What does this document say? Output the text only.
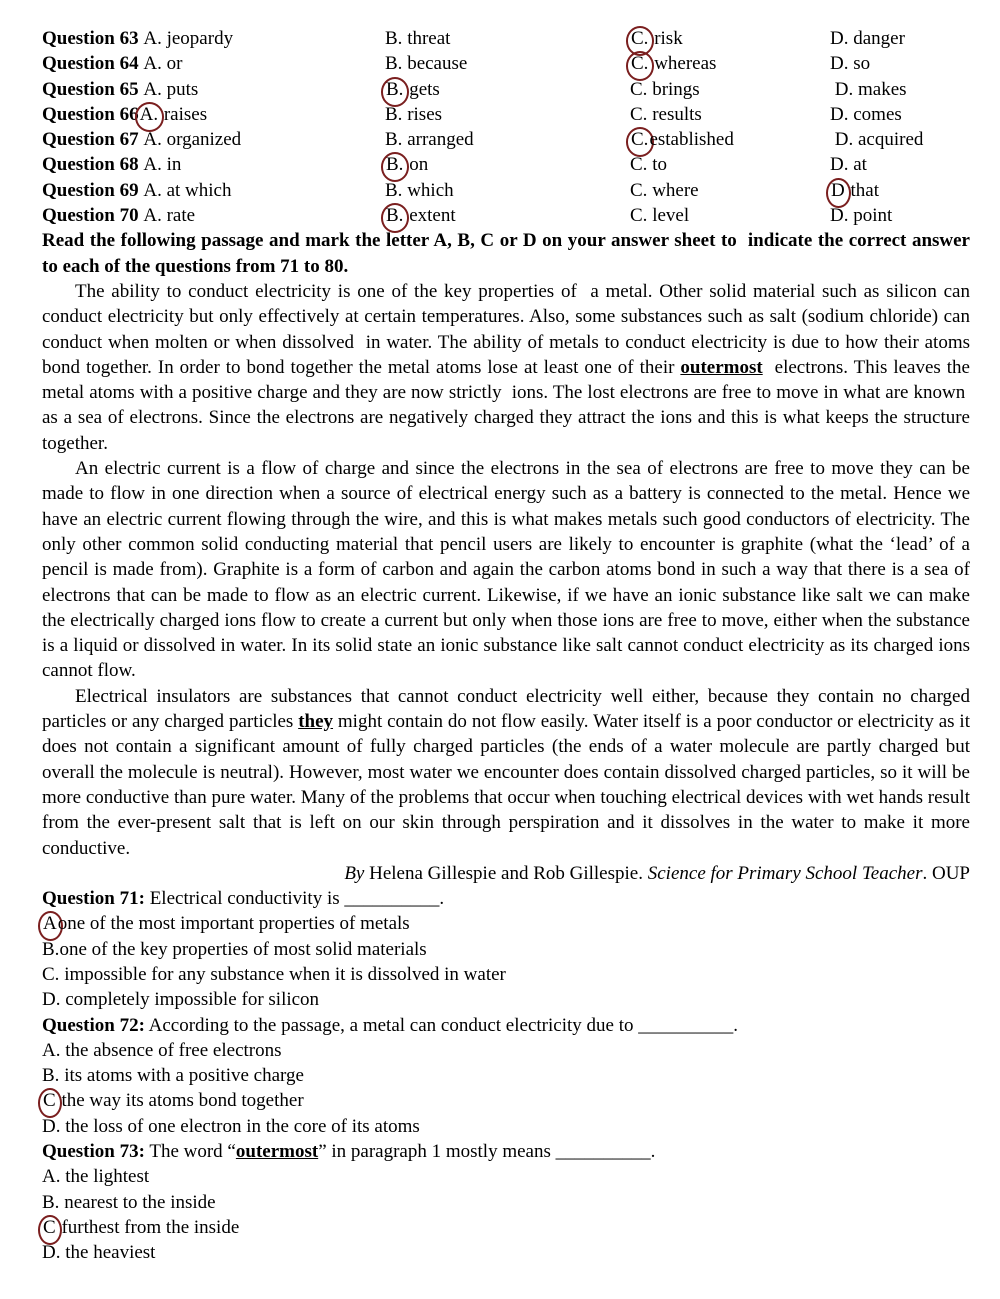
Question 63 A. jeopardy	B. threat	C. risk	D. danger
Question 64 A. or	B. because	C. whereas	D. so
Question 65 A. puts	B. gets	C. brings	D. makes
Question 66A. raises	B. rises	C. results	D. comes
Question 67 A. organized	B. arranged	C.established	D. acquired
Question 68 A. in	B. on	C. to	D. at
Question 69 A. at which	B. which	C. where	D that
Question 70 A. rate	B. extent	C. level	D. point

Read the following passage and mark the letter A, B, C or D on your answer sheet to  indicate the correct answer to each of the questions from 71 to 80.

The ability to conduct electricity is one of the key properties of  a metal. Other solid material such as silicon can conduct electricity but only effectively at certain temperatures. Also, some substances such as salt (sodium chloride) can conduct when molten or when dissolved  in water. The ability of metals to conduct electricity is due to how their atoms bond together. In order to bond together the metal atoms lose at least one of their outermost  electrons. This leaves the metal atoms with a positive charge and they are now strictly  ions. The lost electrons are free to move in what are known  as a sea of electrons. Since the electrons are negatively charged they attract the ions and this is what keeps the structure together.

An electric current is a flow of charge and since the electrons in the sea of electrons are free to move they can be made to flow in one direction when a source of electrical energy such as a battery is connected to the metal. Hence we have an electric current flowing through the wire, and this is what makes metals such good conductors of electricity. The only other common solid conducting material that pencil users are likely to encounter is graphite (what the ‘lead’ of a pencil is made from). Graphite is a form of carbon and again the carbon atoms bond in such a way that there is a sea of electrons that can be made to flow as an electric current. Likewise, if we have an ionic substance like salt we can make the electrically charged ions flow to create a current but only when those ions are free to move, either when the substance is a liquid or dissolved in water. In its solid state an ionic substance like salt cannot conduct electricity as its charged ions cannot flow.

Electrical insulators are substances that cannot conduct electricity well either, because they contain no charged particles or any charged particles they might contain do not flow easily. Water itself is a poor conductor or electricity as it does not contain a significant amount of fully charged particles (the ends of a water molecule are partly charged but overall the molecule is neutral). However, most water we encounter does contain dissolved charged particles, so it will be more conductive than pure water. Many of the problems that occur when touching electrical devices with wet hands result from the ever-present salt that is left on our skin through perspiration and it dissolves in the water to make it more conductive.

By Helena Gillespie and Rob Gillespie. Science for Primary School Teacher. OUP

Question 71: Electrical conductivity is __________.
Aone of the most important properties of metals
B.one of the key properties of most solid materials
C. impossible for any substance when it is dissolved in water
D. completely impossible for silicon
Question 72: According to the passage, a metal can conduct electricity due to __________.
A. the absence of free electrons
B. its atoms with a positive charge
C the way its atoms bond together
D. the loss of one electron in the core of its atoms
Question 73: The word “outermost” in paragraph 1 mostly means __________.
A. the lightest
B. nearest to the inside
C furthest from the inside
D. the heaviest
